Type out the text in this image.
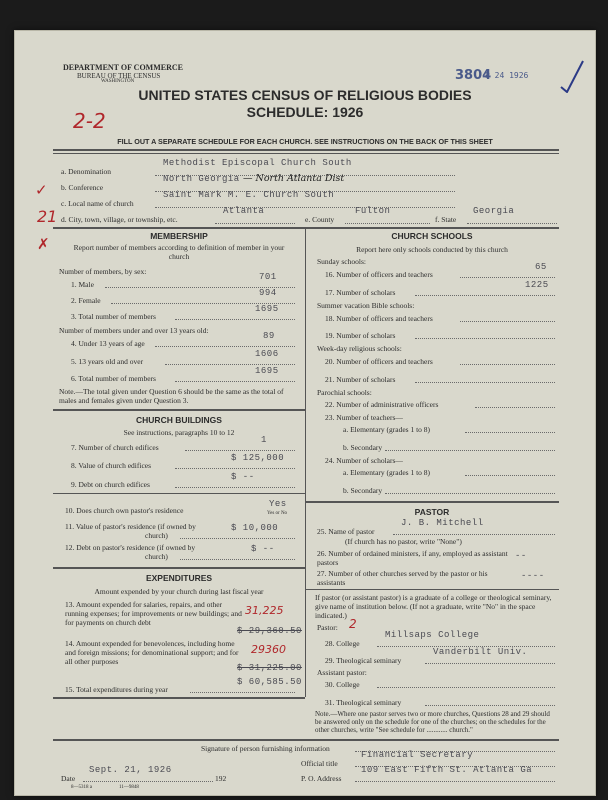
DEPARTMENT OF COMMERCE
BUREAU OF THE CENSUS
WASHINGTON	3804
P 24 1926
UNITED STATES CENSUS OF RELIGIOUS BODIES
SCHEDULE: 1926
2-2
FILL OUT A SEPARATE SCHEDULE FOR EACH CHURCH. SEE INSTRUCTIONS ON THE BACK OF THIS SHEET
✓
21
✗
a. Denomination
Methodist Episcopal Church South
b. Conference
North Georgia — North Atlanta Dist
c. Local name of church
Saint Mark M. E. Church South
d. City, town, village, or township, etc.
Atlanta
e. County
Fulton
f. State
Georgia
MEMBERSHIP
Report number of members according to definition of member in your church
Number of members, by sex:
1. Male
701
2. Female
994
3. Total number of members
1695
Number of members under and over 13 years old:
4. Under 13 years of age
89
5. 13 years old and over
1606
6. Total number of members
1695
Note.—The total given under Question 6 should be the same as the total of males and females given under Question 3.
CHURCH BUILDINGS
See instructions, paragraphs 10 to 12
7. Number of church edifices
1
8. Value of church edifices
$ 125,000
9. Debt on church edifices
$ --
10. Does church own pastor's residence
Yes
Yes or No
11. Value of pastor's residence (if owned by
church)
$ 10,000
12. Debt on pastor's residence (if owned by
church)
$ --
EXPENDITURES
Amount expended by your church during last fiscal year
13. Amount expended for salaries, repairs, and other running expenses; for improvements or new buildings; and for payments on church debt
31,225
$ 29,360.50
14. Amount expended for benevolences, including home and foreign missions; for denominational support; and for all other purposes
29360
$ 31,225.00
15. Total expenditures during year
$ 60,585.50
CHURCH SCHOOLS
Report here only schools conducted by this church
Sunday schools:
16. Number of officers and teachers
65
17. Number of scholars
1225
Summer vacation Bible schools:
18. Number of officers and teachers
19. Number of scholars
Week-day religious schools:
20. Number of officers and teachers
21. Number of scholars
Parochial schools:
22. Number of administrative officers
23. Number of teachers—
a. Elementary (grades 1 to 8)
b. Secondary
24. Number of scholars—
a. Elementary (grades 1 to 8)
b. Secondary
PASTOR
25. Name of pastor
J. B. Mitchell
(If church has no pastor, write "None")
26. Number of ordained ministers, if any, employed as assistant pastors
--
27. Number of other churches served by the pastor or his assistants
----
If pastor (or assistant pastor) is a graduate of a college or theological seminary, give name of institution below. (If not a graduate, write "No" in the space indicated.)
Pastor: 2
28. College
Millsaps College
29. Theological seminary
Vanderbilt Univ.
Assistant pastor:
30. College
31. Theological seminary
Note.—Where one pastor serves two or more churches, Questions 28 and 29 should be answered only on the schedule for one of the churches; on the schedules for the other churches, write "See schedule for ............ church."
Signature of person furnishing information
Official title
Financial Secretary
Date
Sept. 21, 1926
192	P. O. Address
109 East Fifth St. Atlanta Ga
8—5318 a	11—9848
